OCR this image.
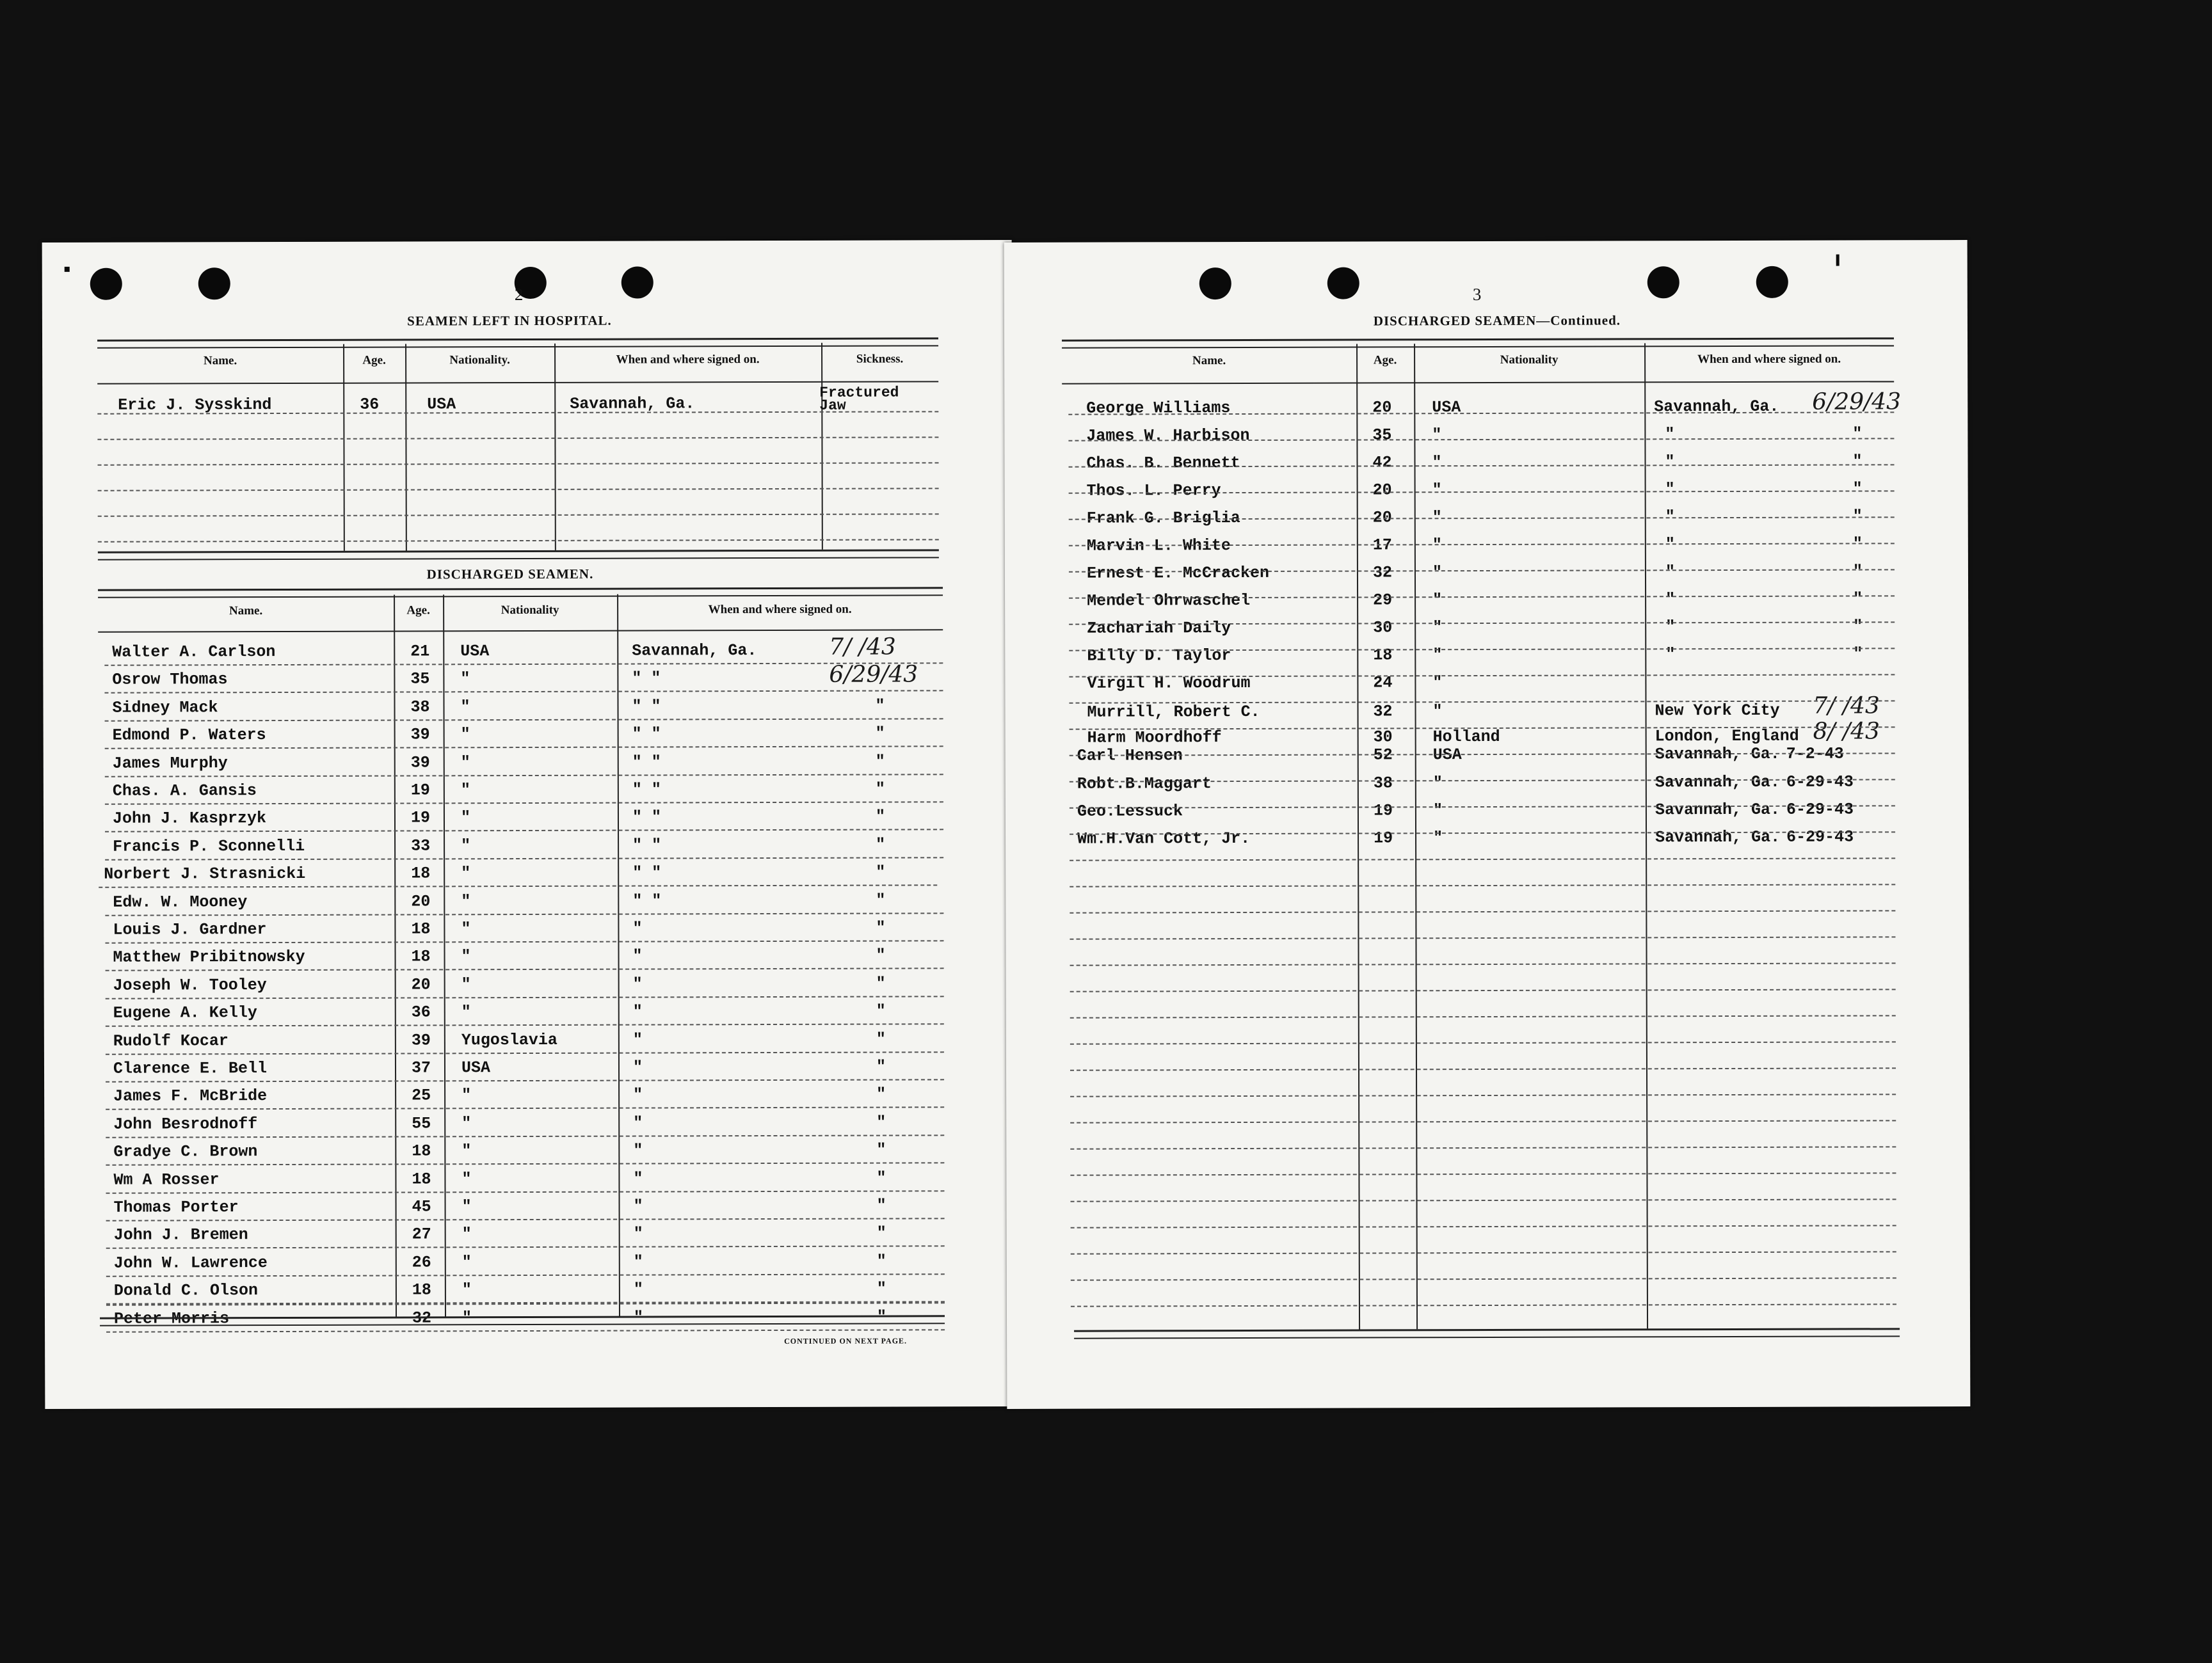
2
SEAMEN LEFT IN HOSPITAL.
Name.	Age.	Nationality.	When and where signed on.	Sickness.
Eric J. Sysskind	36	USA	Savannah, Ga.
Fractured Jaw
DISCHARGED SEAMEN.
Name.	Age.	Nationality	When and where signed on.
Walter A. Carlson	21 USA	Savannah, Ga.	7/ /43
Osrow Thomas	35 "	" "	6/29/43
Sidney Mack	38 "	" "	"
Edmond P. Waters	39 "	" "	"
James Murphy	39 "	" "	"
Chas. A. Gansis	19 "	" "	"
John J. Kasprzyk	19 "	" "	"
Francis P. Sconnelli	33 "	" "	"
Norbert J. Strasnicki	18 "	" "	"
Edw. W. Mooney	20 "	" "	"
Louis J. Gardner	18 "	"	"
Matthew Pribitnowsky	18 "	"	"
Joseph W. Tooley	20 "	"	"
Eugene A. Kelly	36 "	"	"
Rudolf Kocar	39 Yugoslavia	"	"
Clarence E. Bell	37 USA	"	"
James F. McBride	25 "	"	"
John Besrodnoff	55 "	"	"
Gradye C. Brown	18 "	"	"
Wm A Rosser	18 "	"	"
Thomas Porter	45 "	"	"
John J. Bremen	27 "	"	"
John W. Lawrence	26 "	"	"
Donald C. Olson	18 "	"	"
Peter Morris	32 "	"	"
CONTINUED ON NEXT PAGE.
3
DISCHARGED SEAMEN—Continued.
Name.	Age.	Nationality	When and where signed on.
George Williams	20	USA	Savannah, Ga. 6/29/43
James W. Harbison	35	"	"	"
Chas. B. Bennett	42	"	"	"
Thos. L. Perry	20	"	"	"
Frank G. Briglia	20	"	"	"
Marvin L. White	17	"	"	"
Ernest E. McCracken	32	"	"	"
Mendel Ohrwaschel	29	"	"	"
Zachariah Daily	30	"	"	"
Billy D. Taylor	18	"	"	"
Virgil H. Woodrum	24	"
Murrill, Robert C.	32	"	New York City 7/ /43
Harm Moordhoff	30	Holland	London, England 8/ /43
Carl Hensen	52	USA	Savannah, Ga. 7-2-43
Robt.B.Maggart	38	"	Savannah, Ga. 6-29-43
Geo.Lessuck	19	"	Savannah, Ga. 6-29-43
Wm.H.Van Cott, Jr.	19	"	Savannah, Ga. 6-29-43
